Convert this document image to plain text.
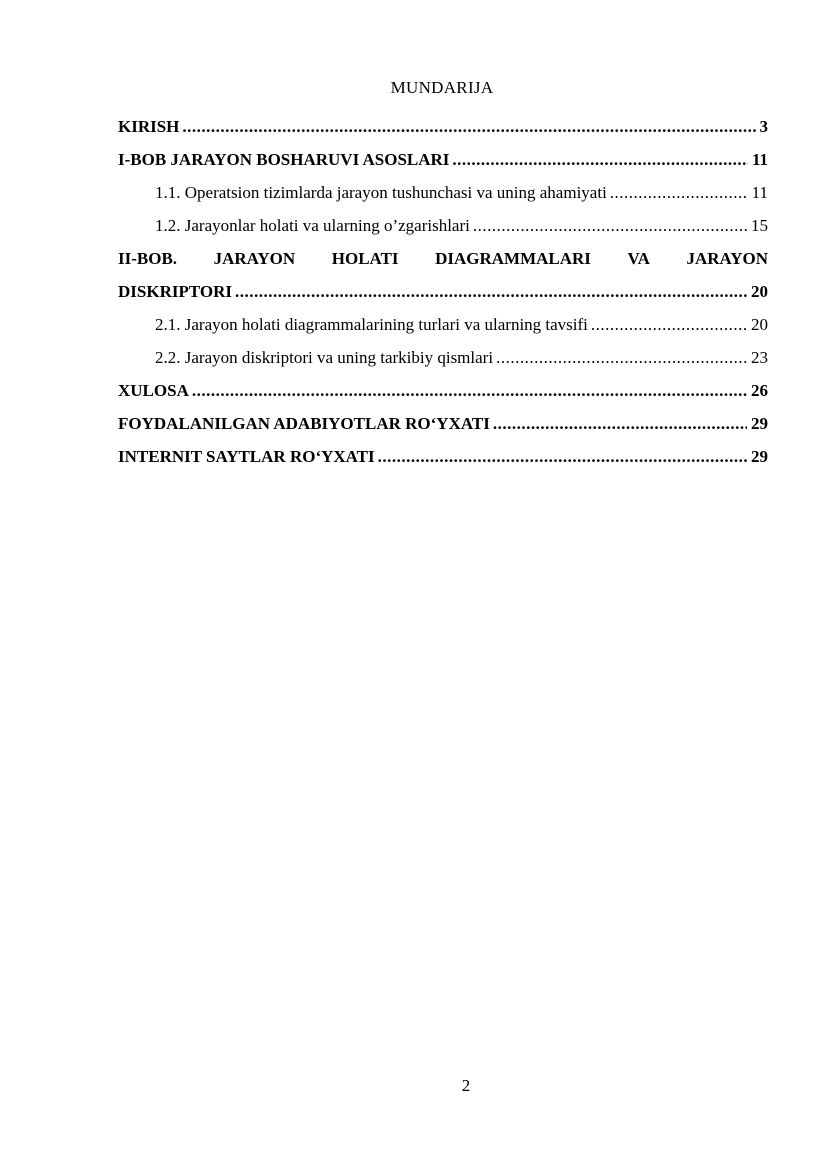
MUNDARIJA
KIRISH .....	3
I-BOB JARAYON BOSHARUVI ASOSLARI .....	11
1.1. Operatsion tizimlarda jarayon tushunchasi va uning ahamiyati .....	11
1.2. Jarayonlar holati va ularning o’zgarishlari .....	15
II-BOB. JARAYON HOLATI DIAGRAMMALARI VA JARAYON
DISKRIPTORI .....	20
2.1. Jarayon holati diagrammalarining turlari va ularning tavsifi .....	20
2.2. Jarayon diskriptori va uning tarkibiy qismlari .....	23
XULOSA .....	26
FOYDALANILGAN ADABIYOTLAR ROʻYXATI .....	29
INTERNIT SAYTLAR ROʻYXATI .....	29
2
